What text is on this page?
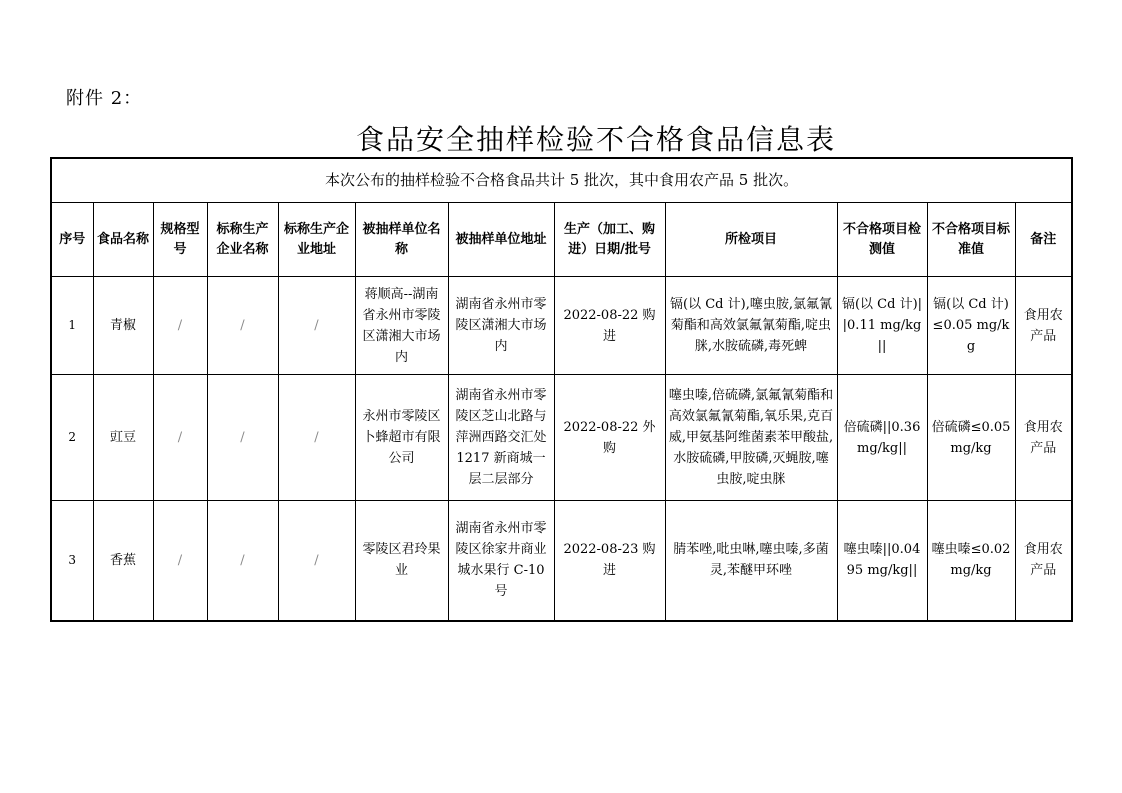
附件 2：
食品安全抽样检验不合格食品信息表
本次公布的抽样检验不合格食品共计 5 批次，其中食用农产品 5 批次。											
序号	食品名称	规格型号	标称生产企业名称	标称生产企业地址	被抽样单位名称	被抽样单位地址	生产（加工、购进）日期/批号	所检项目	不合格项目检测值	不合格项目标准值	备注
1	青椒	/	/	/	蒋顺高--湖南省永州市零陵区潇湘大市场内	湖南省永州市零陵区潇湘大市场内	2022-08-22 购进	镉(以 Cd 计),噻虫胺,氯氟氰菊酯和高效氯氟氰菊酯,啶虫脒,水胺硫磷,毒死蜱	镉(以 Cd 计)||0.11 mg/kg||	镉(以 Cd 计)≤0.05 mg/kg	食用农产品
2	豇豆	/	/	/	永州市零陵区卜蜂超市有限公司	湖南省永州市零陵区芝山北路与萍洲西路交汇处 1217 新商城一层二层部分	2022-08-22 外购	噻虫嗪,倍硫磷,氯氟氰菊酯和高效氯氟氰菊酯,氧乐果,克百威,甲氨基阿维菌素苯甲酸盐,水胺硫磷,甲胺磷,灭蝇胺,噻虫胺,啶虫脒	倍硫磷||0.36 mg/kg||	倍硫磷≤0.05 mg/kg	食用农产品
3	香蕉	/	/	/	零陵区君玲果业	湖南省永州市零陵区徐家井商业城水果行 C-10 号	2022-08-23 购进	腈苯唑,吡虫啉,噻虫嗪,多菌灵,苯醚甲环唑	噻虫嗪||0.0495 mg/kg||	噻虫嗪≤0.02 mg/kg	食用农产品
